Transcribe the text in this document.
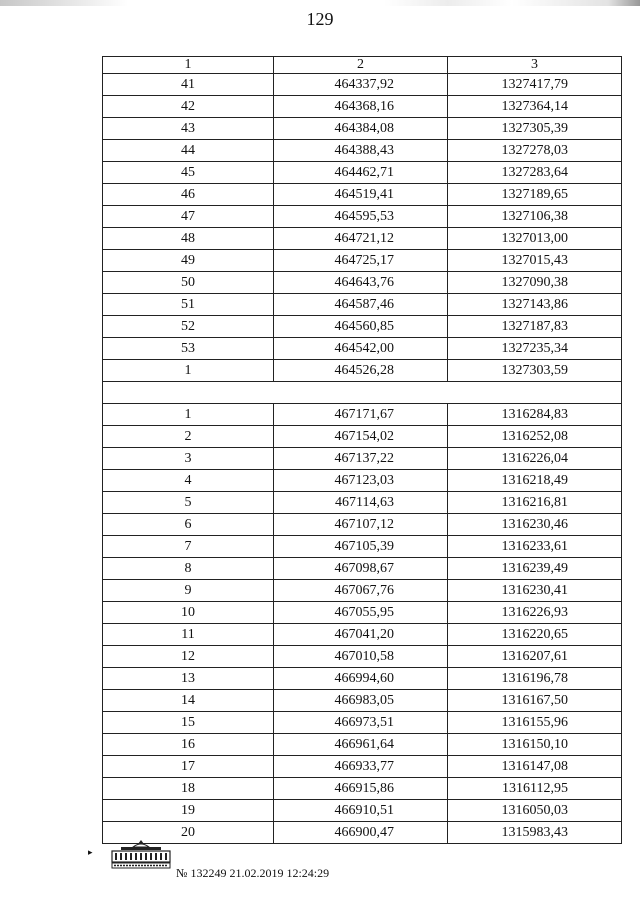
129
1	2	3
41	464337,92	1327417,79
42	464368,16	1327364,14
43	464384,08	1327305,39
44	464388,43	1327278,03
45	464462,71	1327283,64
46	464519,41	1327189,65
47	464595,53	1327106,38
48	464721,12	1327013,00
49	464725,17	1327015,43
50	464643,76	1327090,38
51	464587,46	1327143,86
52	464560,85	1327187,83
53	464542,00	1327235,34
1	464526,28	1327303,59

1	467171,67	1316284,83
2	467154,02	1316252,08
3	467137,22	1316226,04
4	467123,03	1316218,49
5	467114,63	1316216,81
6	467107,12	1316230,46
7	467105,39	1316233,61
8	467098,67	1316239,49
9	467067,76	1316230,41
10	467055,95	1316226,93
11	467041,20	1316220,65
12	467010,58	1316207,61
13	466994,60	1316196,78
14	466983,05	1316167,50
15	466973,51	1316155,96
16	466961,64	1316150,10
17	466933,77	1316147,08
18	466915,86	1316112,95
19	466910,51	1316050,03
20	466900,47	1315983,43
▸
№ 132249 21.02.2019 12:24:29
